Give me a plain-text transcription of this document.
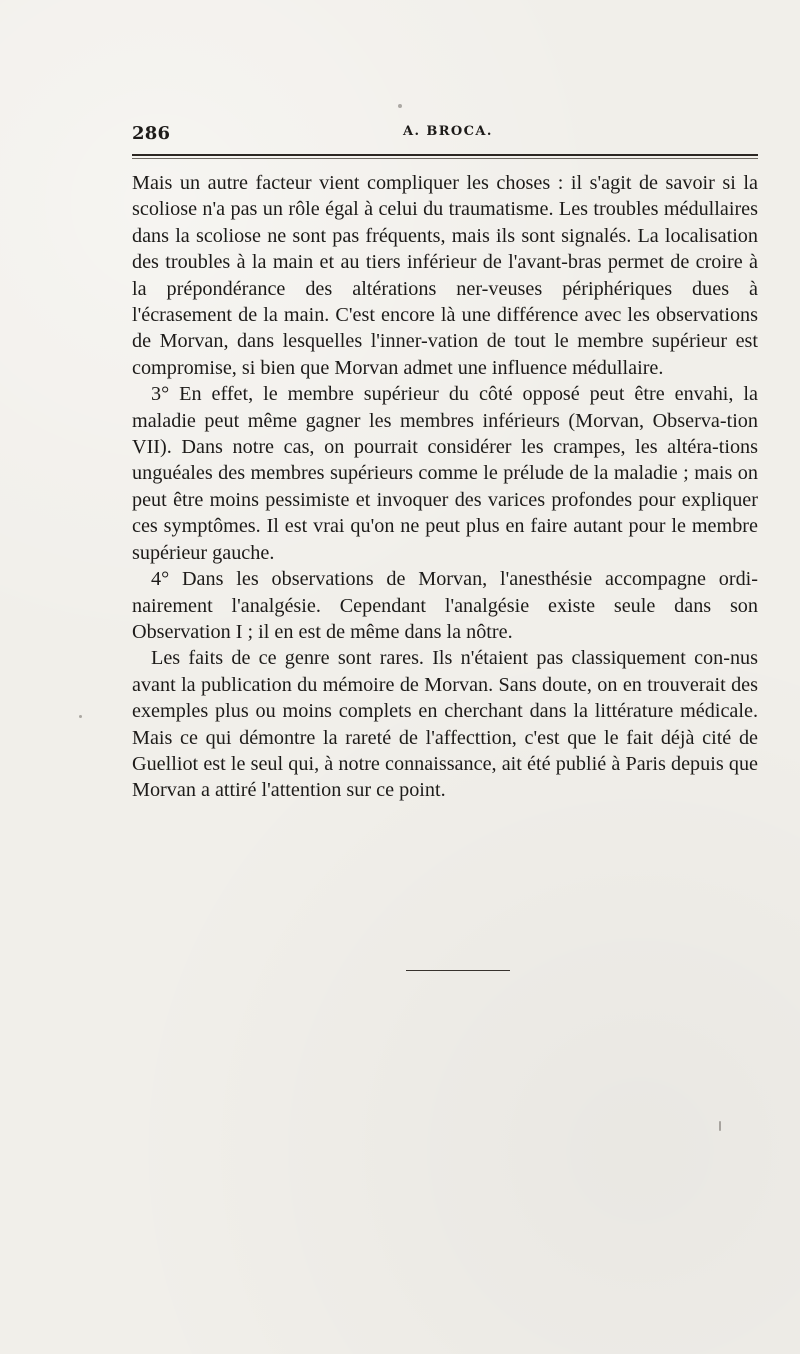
286	A. BROCA.

Mais un autre facteur vient compliquer les choses : il s'agit de savoir si la scoliose n'a pas un rôle égal à celui du traumatisme. Les troubles médullaires dans la scoliose ne sont pas fréquents, mais ils sont signalés. La localisation des troubles à la main et au tiers inférieur de l'avant-bras permet de croire à la prépondérance des altérations ner-veuses périphériques dues à l'écrasement de la main. C'est encore là une différence avec les observations de Morvan, dans lesquelles l'inner-vation de tout le membre supérieur est compromise, si bien que Morvan admet une influence médullaire.

3° En effet, le membre supérieur du côté opposé peut être envahi, la maladie peut même gagner les membres inférieurs (Morvan, Observa-tion VII). Dans notre cas, on pourrait considérer les crampes, les altéra-tions unguéales des membres supérieurs comme le prélude de la maladie ; mais on peut être moins pessimiste et invoquer des varices profondes pour expliquer ces symptômes. Il est vrai qu'on ne peut plus en faire autant pour le membre supérieur gauche.

4° Dans les observations de Morvan, l'anesthésie accompagne ordi-nairement l'analgésie. Cependant l'analgésie existe seule dans son Observation I ; il en est de même dans la nôtre.

Les faits de ce genre sont rares. Ils n'étaient pas classiquement con-nus avant la publication du mémoire de Morvan. Sans doute, on en trouverait des exemples plus ou moins complets en cherchant dans la littérature médicale. Mais ce qui démontre la rareté de l'affecttion, c'est que le fait déjà cité de Guelliot est le seul qui, à notre connaissance, ait été publié à Paris depuis que Morvan a attiré l'attention sur ce point.
